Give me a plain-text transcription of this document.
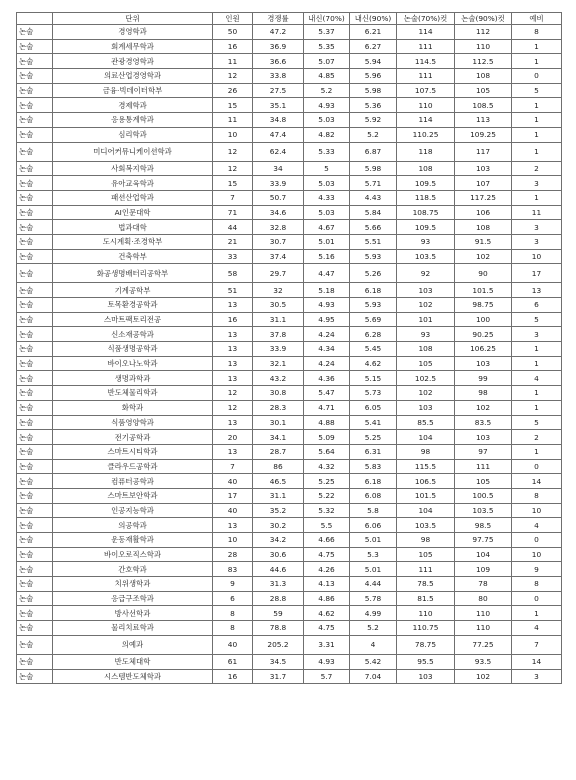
	단위	인원	경쟁률	내신(70%)	내신(90%)	논술(70%)컷	논술(90%)컷	예비
논술	경영학과	50	47.2	5.37	6.21	114	112	8
논술	회계세무학과	16	36.9	5.35	6.27	111	110	1
논술	관광경영학과	11	36.6	5.07	5.94	114.5	112.5	1
논술	의료산업경영학과	12	33.8	4.85	5.96	111	108	0
논술	금융·빅데이터학부	26	27.5	5.2	5.98	107.5	105	5
논술	경제학과	15	35.1	4.93	5.36	110	108.5	1
논술	응용통계학과	11	34.8	5.03	5.92	114	113	1
논술	심리학과	10	47.4	4.82	5.2	110.25	109.25	1
논술	미디어커뮤니케이션학과	12	62.4	5.33	6.87	118	117	1
논술	사회복지학과	12	34	5	5.98	108	103	2
논술	유아교육학과	15	33.9	5.03	5.71	109.5	107	3
논술	패션산업학과	7	50.7	4.33	4.43	118.5	117.25	1
논술	AI인문대학	71	34.6	5.03	5.84	108.75	106	11
논술	법과대학	44	32.8	4.67	5.66	109.5	108	3
논술	도시계획·조경학부	21	30.7	5.01	5.51	93	91.5	3
논술	건축학부	33	37.4	5.16	5.93	103.5	102	10
논술	화공생명배터리공학부	58	29.7	4.47	5.26	92	90	17
논술	기계공학부	51	32	5.18	6.18	103	101.5	13
논술	토목환경공학과	13	30.5	4.93	5.93	102	98.75	6
논술	스마트팩토리전공	16	31.1	4.95	5.69	101	100	5
논술	신소재공학과	13	37.8	4.24	6.28	93	90.25	3
논술	식품생명공학과	13	33.9	4.34	5.45	108	106.25	1
논술	바이오나노학과	13	32.1	4.24	4.62	105	103	1
논술	생명과학과	13	43.2	4.36	5.15	102.5	99	4
논술	반도체물리학과	12	30.8	5.47	5.73	102	98	1
논술	화학과	12	28.3	4.71	6.05	103	102	1
논술	식품영양학과	13	30.1	4.88	5.41	85.5	83.5	5
논술	전기공학과	20	34.1	5.09	5.25	104	103	2
논술	스마트시티학과	13	28.7	5.64	6.31	98	97	1
논술	클라우드공학과	7	86	4.32	5.83	115.5	111	0
논술	컴퓨터공학과	40	46.5	5.25	6.18	106.5	105	14
논술	스마트보안학과	17	31.1	5.22	6.08	101.5	100.5	8
논술	인공지능학과	40	35.2	5.32	5.8	104	103.5	10
논술	의공학과	13	30.2	5.5	6.06	103.5	98.5	4
논술	운동재활학과	10	34.2	4.66	5.01	98	97.75	0
논술	바이오로직스학과	28	30.6	4.75	5.3	105	104	10
논술	간호학과	83	44.6	4.26	5.01	111	109	9
논술	치위생학과	9	31.3	4.13	4.44	78.5	78	8
논술	응급구조학과	6	28.8	4.86	5.78	81.5	80	0
논술	방사선학과	8	59	4.62	4.99	110	110	1
논술	물리치료학과	8	78.8	4.75	5.2	110.75	110	4
논술	의예과	40	205.2	3.31	4	78.75	77.25	7
논술	반도체대학	61	34.5	4.93	5.42	95.5	93.5	14
논술	시스템반도체학과	16	31.7	5.7	7.04	103	102	3
